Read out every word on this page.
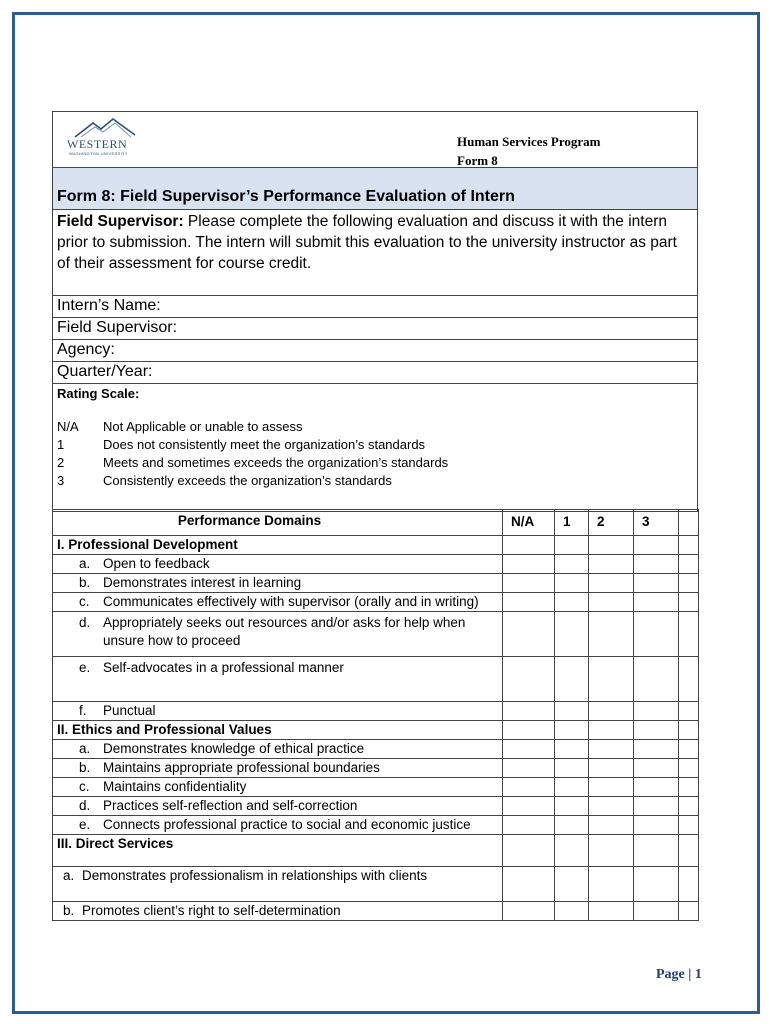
WESTERN
WASHINGTON UNIVERSITY
Human Services Program
Form 8

Form 8: Field Supervisor’s Performance Evaluation of Intern
Field Supervisor: Please complete the following evaluation and discuss it with the intern prior to submission. The intern will submit this evaluation to the university instructor as part of their assessment for course credit.
Intern’s Name:
Field Supervisor:
Agency:
Quarter/Year:

Rating Scale:
N/A	Not Applicable or unable to assess
1	Does not consistently meet the organization’s standards
2	Meets and sometimes exceeds the organization’s standards
3	Consistently exceeds the organization’s standards
Performance Domains	N/A	1	2	3	
I. Professional Development					

a. Open to feedback					

b. Demonstrates interest in learning					

c. Communicates effectively with supervisor (orally and in writing)					

d. Appropriately seeks out resources and/or asks for help when unsure how to proceed					

e. Self-advocates in a professional manner					

f. Punctual					

II. Ethics and Professional Values					

a. Demonstrates knowledge of ethical practice					

b. Maintains appropriate professional boundaries					

c. Maintains confidentiality					

d. Practices self-reflection and self-correction					

e. Connects professional practice to social and economic justice					

III. Direct Services					

a. Demonstrates professionalism in relationships with clients					

b. Promotes client’s right to self-determination					

Page | 1
